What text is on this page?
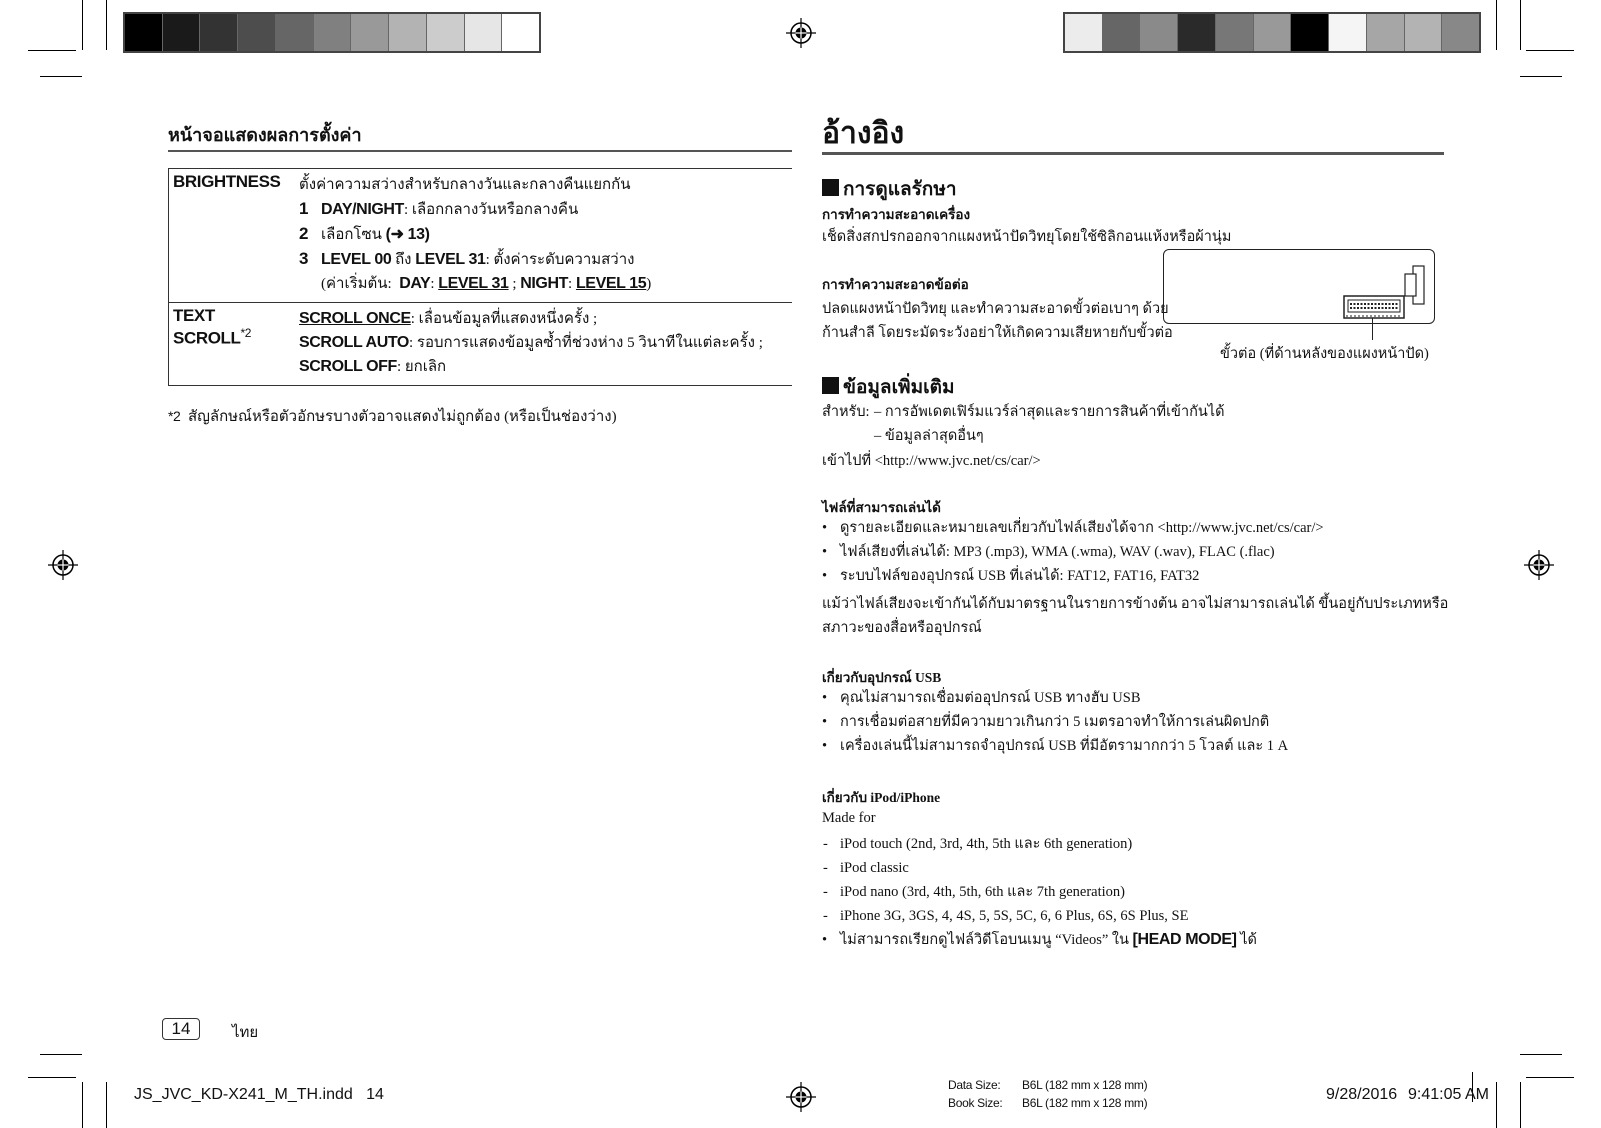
หน้าจอแสดงผลการตั้งค่า
BRIGHTNESS	ตั้งค่าความสว่างสำหรับกลางวันและกลางคืนแยกกัน
1 DAY/NIGHT: เลือกกลางวันหรือกลางคืน
2 เลือกโซน (➜ 13)
3 LEVEL 00 ถึง LEVEL 31: ตั้งค่าระดับความสว่าง
(ค่าเริ่มต้น:  DAY: LEVEL 31 ; NIGHT: LEVEL 15)

TEXT SCROLL$^{*2}$	SCROLL ONCE: เลื่อนข้อมูลที่แสดงหนึ่งครั้ง ;
SCROLL AUTO: รอบการแสดงข้อมูลซ้ำที่ช่วงห่าง 5 วินาทีในแต่ละครั้ง ;
SCROLL OFF: ยกเลิก
*2 สัญลักษณ์หรือตัวอักษรบางตัวอาจแสดงไม่ถูกต้อง (หรือเป็นช่องว่าง)
อ้างอิง
การดูแลรักษา
การทำความสะอาดเครื่อง
เช็ดสิ่งสกปรกออกจากแผงหน้าปัดวิทยุโดยใช้ซิลิกอนแห้งหรือผ้านุ่ม
การทำความสะอาดข้อต่อ
ปลดแผงหน้าปัดวิทยุ และทำความสะอาดขั้วต่อเบาๆ ด้วย
ก้านสำลี โดยระมัดระวังอย่าให้เกิดความเสียหายกับขั้วต่อ
ขั้วต่อ (ที่ด้านหลังของแผงหน้าปัด)
ข้อมูลเพิ่มเติม
สำหรับ: – การอัพเดตเฟิร์มแวร์ล่าสุดและรายการสินค้าที่เข้ากันได้
– ข้อมูลล่าสุดอื่นๆ
เข้าไปที่ <http://www.jvc.net/cs/car/>
ไฟล์ที่สามารถเล่นได้
• ดูรายละเอียดและหมายเลขเกี่ยวกับไฟล์เสียงได้จาก <http://www.jvc.net/cs/car/>
• ไฟล์เสียงที่เล่นได้: MP3 (.mp3), WMA (.wma), WAV (.wav), FLAC (.flac)
• ระบบไฟล์ของอุปกรณ์ USB ที่เล่นได้: FAT12, FAT16, FAT32
แม้ว่าไฟล์เสียงจะเข้ากันได้กับมาตรฐานในรายการข้างต้น อาจไม่สามารถเล่นได้ ขึ้นอยู่กับประเภทหรือ
สภาวะของสื่อหรืออุปกรณ์
เกี่ยวกับอุปกรณ์ USB
• คุณไม่สามารถเชื่อมต่ออุปกรณ์ USB ทางฮับ USB
• การเชื่อมต่อสายที่มีความยาวเกินกว่า 5 เมตรอาจทำให้การเล่นผิดปกติ
• เครื่องเล่นนี้ไม่สามารถจำอุปกรณ์ USB ที่มีอัตรามากกว่า 5 โวลต์ และ 1 A
เกี่ยวกับ iPod/iPhone
Made for
- iPod touch (2nd, 3rd, 4th, 5th และ 6th generation)
- iPod classic
- iPod nano (3rd, 4th, 5th, 6th และ 7th generation)
- iPhone 3G, 3GS, 4, 4S, 5, 5S, 5C, 6, 6 Plus, 6S, 6S Plus, SE
• ไม่สามารถเรียกดูไฟล์วิดีโอบนเมนู “Videos” ใน [HEAD MODE] ได้
14	ไทย
JS_JVC_KD-X241_M_TH.indd   14
Data Size: B6L (182 mm x 128 mm)
Book Size: B6L (182 mm x 128 mm)	9/28/2016 9:41:05 AM
